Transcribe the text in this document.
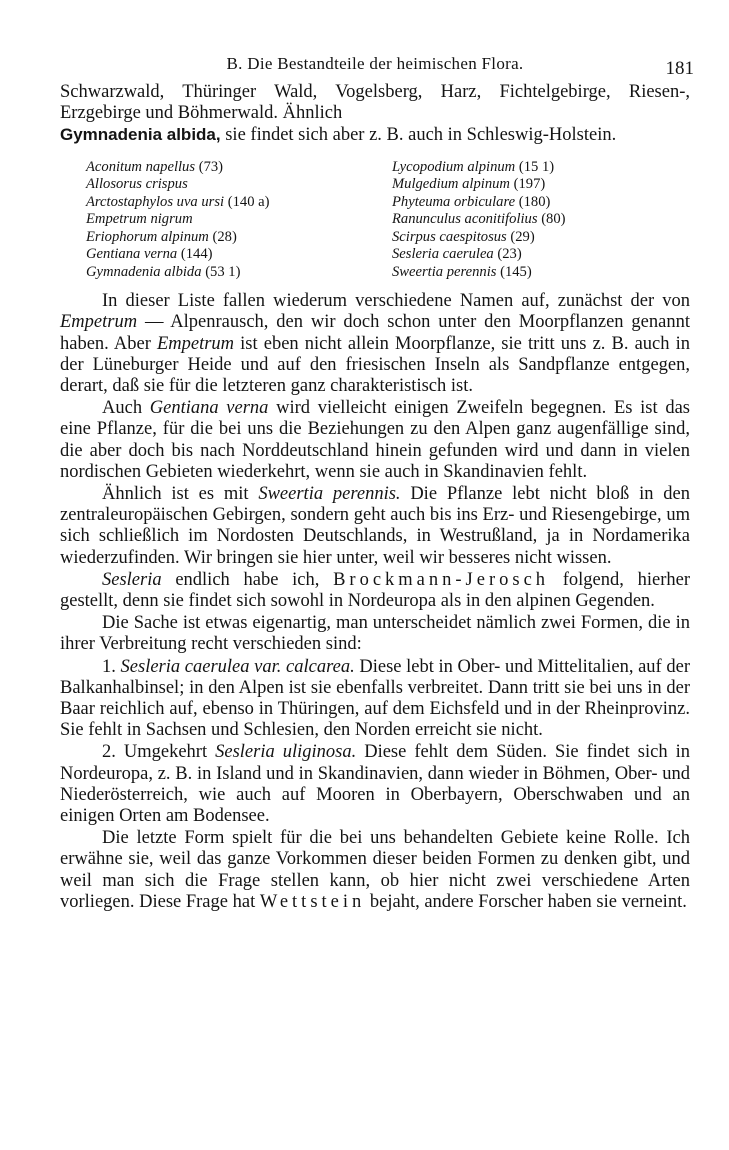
B. Die Bestandteile der heimischen Flora.	181

Schwarzwald, Thüringer Wald, Vogelsberg, Harz, Fichtelgebirge, Riesen-, Erzgebirge und Böhmerwald. Ähnlich
Gymnadenia albida, sie findet sich aber z. B. auch in Schleswig-Holstein.

Aconitum napellus (73)
Allosorus crispus
Arctostaphylos uva ursi (140 a)
Empetrum nigrum
Eriophorum alpinum (28)
Gentiana verna (144)
Gymnadenia albida (53 1)
Lycopodium alpinum (15 1)
Mulgedium alpinum (197)
Phyteuma orbiculare (180)
Ranunculus aconitifolius (80)
Scirpus caespitosus (29)
Sesleria caerulea (23)
Sweertia perennis (145)

In dieser Liste fallen wiederum verschiedene Namen auf, zunächst der von Empetrum — Alpenrausch, den wir doch schon unter den Moorpflanzen genannt haben. Aber Empetrum ist eben nicht allein Moorpflanze, sie tritt uns z. B. auch in der Lüneburger Heide und auf den friesischen Inseln als Sandpflanze entgegen, derart, daß sie für die letzteren ganz charakteristisch ist.

Auch Gentiana verna wird vielleicht einigen Zweifeln begegnen. Es ist das eine Pflanze, für die bei uns die Beziehungen zu den Alpen ganz augenfällige sind, die aber doch bis nach Norddeutschland hinein gefunden wird und dann in vielen nordischen Gebieten wiederkehrt, wenn sie auch in Skandinavien fehlt.

Ähnlich ist es mit Sweertia perennis. Die Pflanze lebt nicht bloß in den zentraleuropäischen Gebirgen, sondern geht auch bis ins Erz- und Riesengebirge, um sich schließlich im Nordosten Deutschlands, in Westrußland, ja in Nordamerika wiederzufinden. Wir bringen sie hier unter, weil wir besseres nicht wissen.

Sesleria endlich habe ich, Brockmann-Jerosch folgend, hierher gestellt, denn sie findet sich sowohl in Nordeuropa als in den alpinen Gegenden.

Die Sache ist etwas eigenartig, man unterscheidet nämlich zwei Formen, die in ihrer Verbreitung recht verschieden sind:

1. Sesleria caerulea var. calcarea. Diese lebt in Ober- und Mittelitalien, auf der Balkanhalbinsel; in den Alpen ist sie ebenfalls verbreitet. Dann tritt sie bei uns in der Baar reichlich auf, ebenso in Thüringen, auf dem Eichsfeld und in der Rheinprovinz. Sie fehlt in Sachsen und Schlesien, den Norden erreicht sie nicht.

2. Umgekehrt Sesleria uliginosa. Diese fehlt dem Süden. Sie findet sich in Nordeuropa, z. B. in Island und in Skandinavien, dann wieder in Böhmen, Ober- und Niederösterreich, wie auch auf Mooren in Oberbayern, Oberschwaben und an einigen Orten am Bodensee.

Die letzte Form spielt für die bei uns behandelten Gebiete keine Rolle. Ich erwähne sie, weil das ganze Vorkommen dieser beiden Formen zu denken gibt, und weil man sich die Frage stellen kann, ob hier nicht zwei verschiedene Arten vorliegen. Diese Frage hat Wettstein bejaht, andere Forscher haben sie verneint.
